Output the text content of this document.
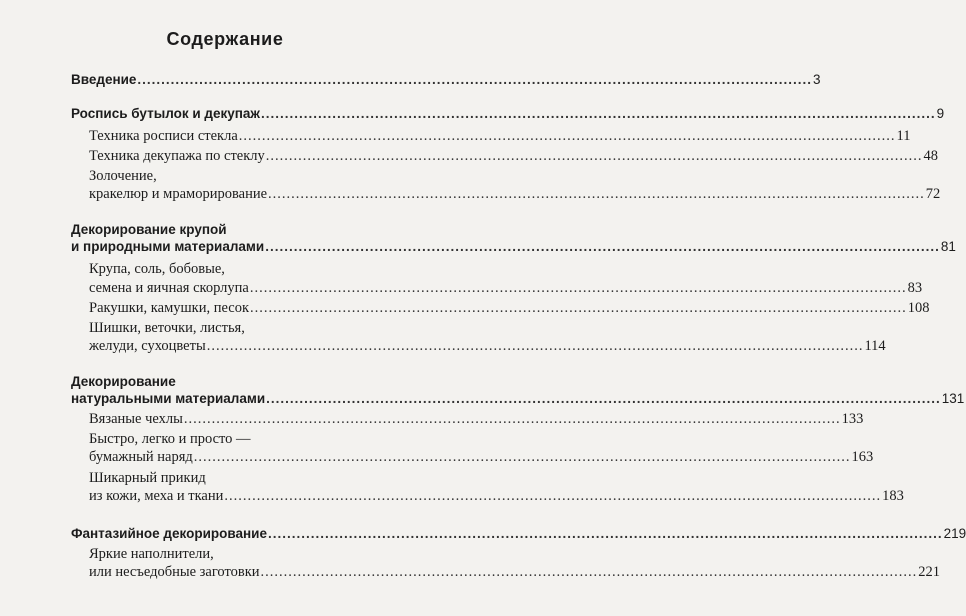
Содержание
Введение .............................................................................................................................................. 3
Роспись бутылок и декупаж .............................................................................................................................................. 9
Техника росписи стекла .............................................................................................................................................. 11
Техника декупажа по стеклу .............................................................................................................................................. 48
Золочение,
кракелюр и мраморирование .............................................................................................................................................. 72
Декорирование крупой
и природными материалами .............................................................................................................................................. 81
Крупа, соль, бобовые,
семена и яичная скорлупа .............................................................................................................................................. 83
Ракушки, камушки, песок .............................................................................................................................................. 108
Шишки, веточки, листья,
желуди, сухоцветы .............................................................................................................................................. 114
Декорирование
натуральными материалами .............................................................................................................................................. 131
Вязаные чехлы .............................................................................................................................................. 133
Быстро, легко и просто —
бумажный наряд .............................................................................................................................................. 163
Шикарный прикид
из кожи, меха и ткани .............................................................................................................................................. 183
Фантазийное декорирование .............................................................................................................................................. 219
Яркие наполнители,
или несъедобные заготовки .............................................................................................................................................. 221
